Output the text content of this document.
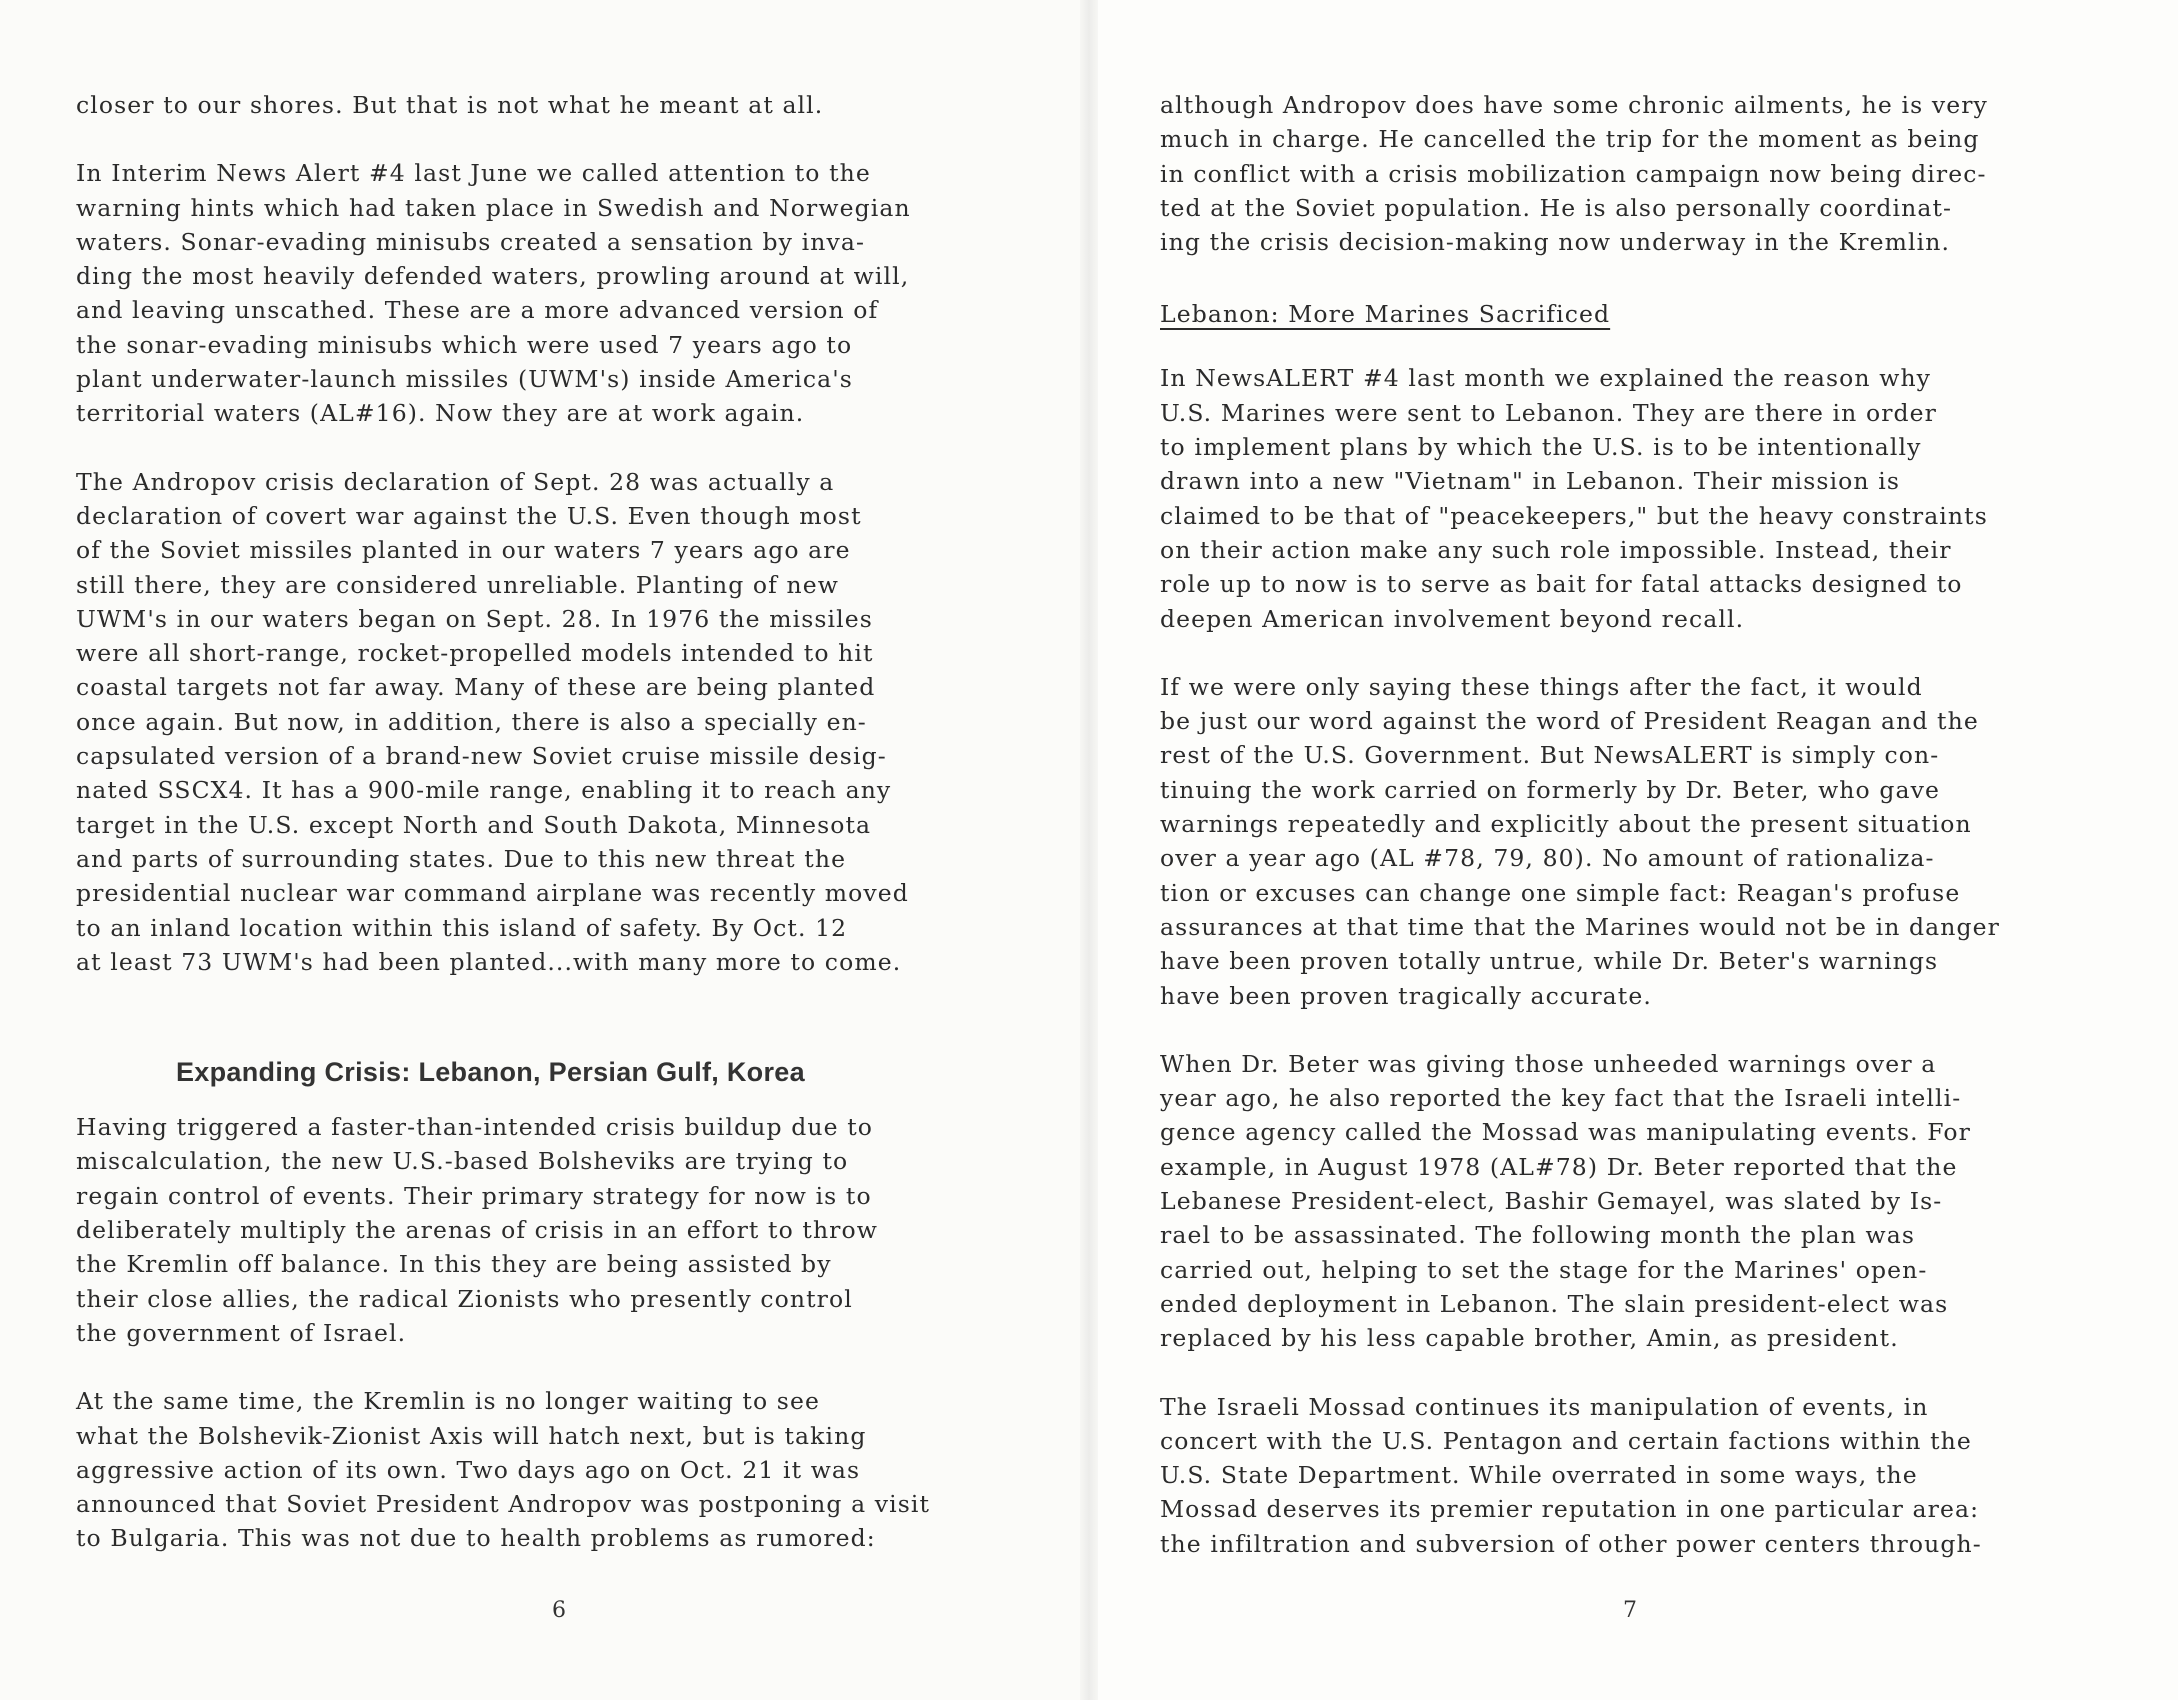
closer to our shores. But that is not what he meant at all.

In Interim News Alert #4 last June we called attention to the
warning hints which had taken place in Swedish and Norwegian
waters. Sonar-evading minisubs created a sensation by inva-
ding the most heavily defended waters, prowling around at will,
and leaving unscathed. These are a more advanced version of
the sonar-evading minisubs which were used 7 years ago to
plant underwater-launch missiles (UWM's) inside America's
territorial waters (AL#16). Now they are at work again.

The Andropov crisis declaration of Sept. 28 was actually a
declaration of covert war against the U.S. Even though most
of the Soviet missiles planted in our waters 7 years ago are
still there, they are considered unreliable. Planting of new
UWM's in our waters began on Sept. 28. In 1976 the missiles
were all short-range, rocket-propelled models intended to hit
coastal targets not far away. Many of these are being planted
once again. But now, in addition, there is also a specially en-
capsulated version of a brand-new Soviet cruise missile desig-
nated SSCX4. It has a 900-mile range, enabling it to reach any
target in the U.S. except North and South Dakota, Minnesota
and parts of surrounding states. Due to this new threat the
presidential nuclear war command airplane was recently moved
to an inland location within this island of safety. By Oct. 12
at least 73 UWM's had been planted...with many more to come.

Expanding Crisis: Lebanon, Persian Gulf, Korea

Having triggered a faster-than-intended crisis buildup due to
miscalculation, the new U.S.-based Bolsheviks are trying to
regain control of events. Their primary strategy for now is to
deliberately multiply the arenas of crisis in an effort to throw
the Kremlin off balance. In this they are being assisted by
their close allies, the radical Zionists who presently control
the government of Israel.

At the same time, the Kremlin is no longer waiting to see
what the Bolshevik-Zionist Axis will hatch next, but is taking
aggressive action of its own. Two days ago on Oct. 21 it was
announced that Soviet President Andropov was postponing a visit
to Bulgaria. This was not due to health problems as rumored:

6

although Andropov does have some chronic ailments, he is very
much in charge. He cancelled the trip for the moment as being
in conflict with a crisis mobilization campaign now being direc-
ted at the Soviet population. He is also personally coordinat-
ing the crisis decision-making now underway in the Kremlin.

Lebanon: More Marines Sacrificed

In NewsALERT #4 last month we explained the reason why
U.S. Marines were sent to Lebanon. They are there in order
to implement plans by which the U.S. is to be intentionally
drawn into a new "Vietnam" in Lebanon. Their mission is
claimed to be that of "peacekeepers," but the heavy constraints
on their action make any such role impossible. Instead, their
role up to now is to serve as bait for fatal attacks designed to
deepen American involvement beyond recall.

If we were only saying these things after the fact, it would
be just our word against the word of President Reagan and the
rest of the U.S. Government. But NewsALERT is simply con-
tinuing the work carried on formerly by Dr. Beter, who gave
warnings repeatedly and explicitly about the present situation
over a year ago (AL #78, 79, 80). No amount of rationaliza-
tion or excuses can change one simple fact: Reagan's profuse
assurances at that time that the Marines would not be in danger
have been proven totally untrue, while Dr. Beter's warnings
have been proven tragically accurate.

When Dr. Beter was giving those unheeded warnings over a
year ago, he also reported the key fact that the Israeli intelli-
gence agency called the Mossad was manipulating events. For
example, in August 1978 (AL#78) Dr. Beter reported that the
Lebanese President-elect, Bashir Gemayel, was slated by Is-
rael to be assassinated. The following month the plan was
carried out, helping to set the stage for the Marines' open-
ended deployment in Lebanon. The slain president-elect was
replaced by his less capable brother, Amin, as president.

The Israeli Mossad continues its manipulation of events, in
concert with the U.S. Pentagon and certain factions within the
U.S. State Department. While overrated in some ways, the
Mossad deserves its premier reputation in one particular area:
the infiltration and subversion of other power centers through-

7
